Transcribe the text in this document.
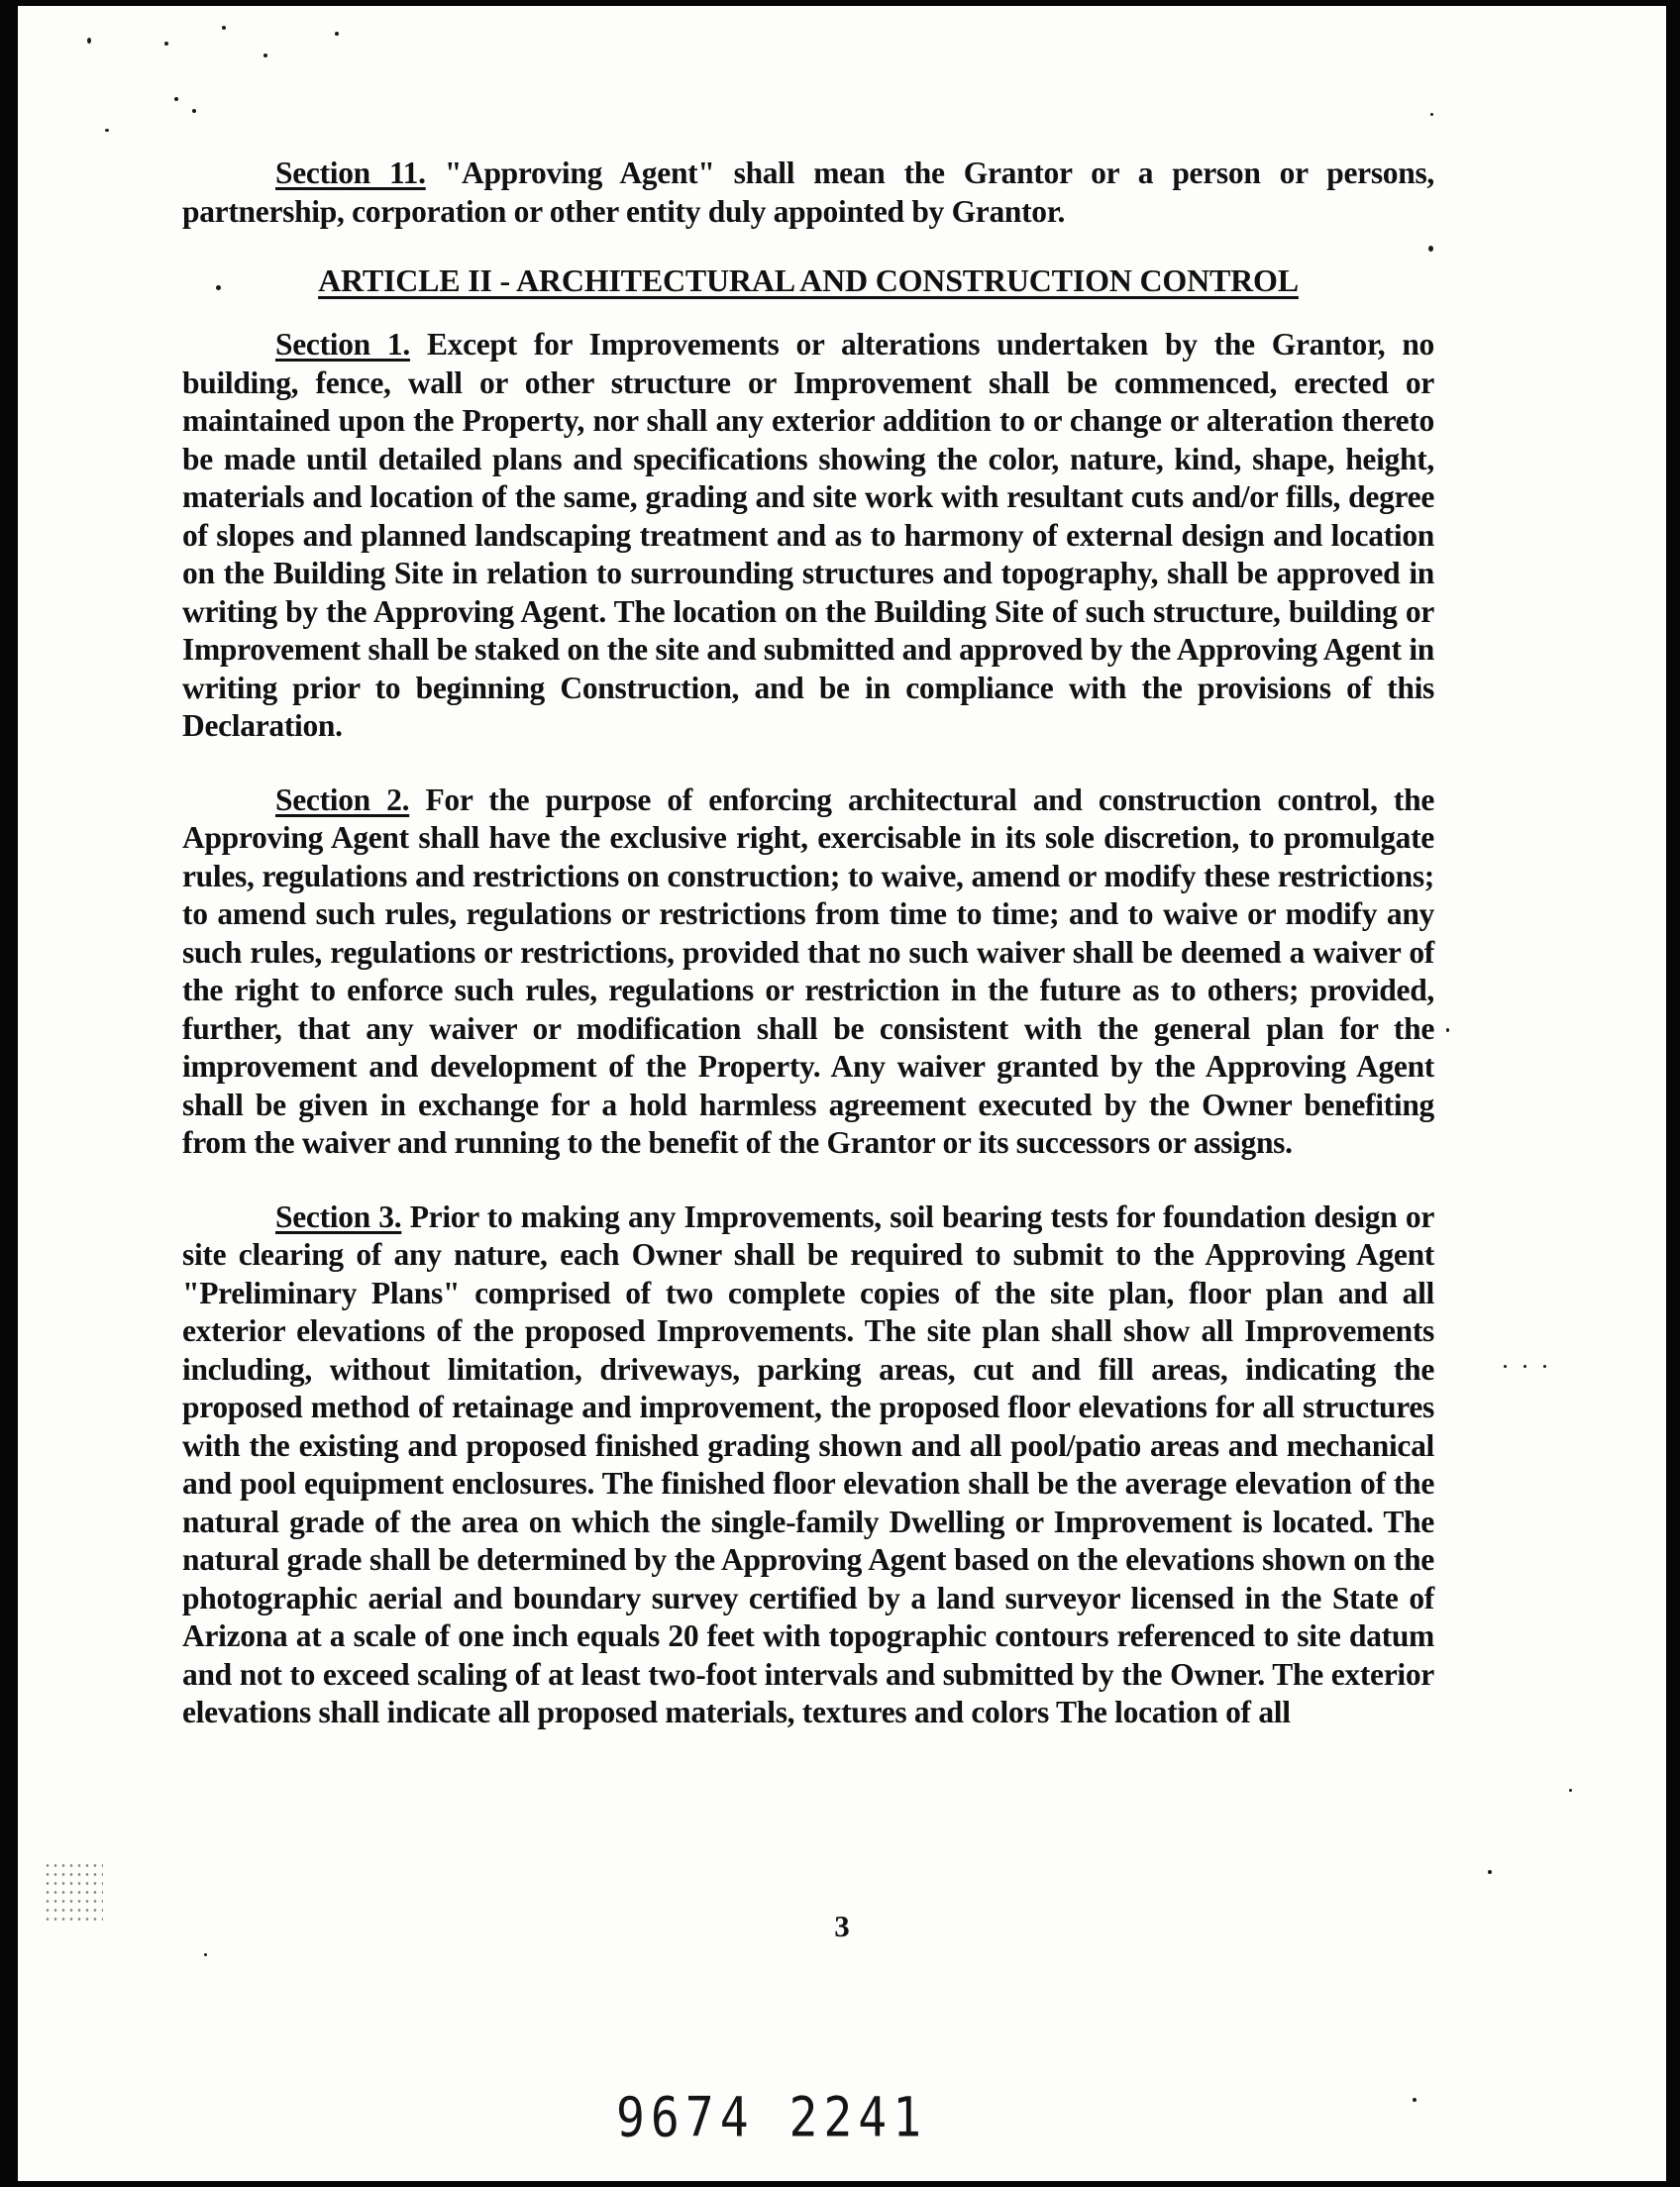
Section 11. "Approving Agent" shall mean the Grantor or a person or persons, partnership, corporation or other entity duly appointed by Grantor.

ARTICLE II - ARCHITECTURAL AND CONSTRUCTION CONTROL

Section 1. Except for Improvements or alterations undertaken by the Grantor, no building, fence, wall or other structure or Improvement shall be commenced, erected or maintained upon the Property, nor shall any exterior addition to or change or alteration thereto be made until detailed plans and specifications showing the color, nature, kind, shape, height, materials and location of the same, grading and site work with resultant cuts and/or fills, degree of slopes and planned landscaping treatment and as to harmony of external design and location on the Building Site in relation to surrounding structures and topography, shall be approved in writing by the Approving Agent. The location on the Building Site of such structure, building or Improvement shall be staked on the site and submitted and approved by the Approving Agent in writing prior to beginning Construction, and be in compliance with the provisions of this Declaration.

Section 2. For the purpose of enforcing architectural and construction control, the Approving Agent shall have the exclusive right, exercisable in its sole discretion, to promulgate rules, regulations and restrictions on construction; to waive, amend or modify these restrictions; to amend such rules, regulations or restrictions from time to time; and to waive or modify any such rules, regulations or restrictions, provided that no such waiver shall be deemed a waiver of the right to enforce such rules, regulations or restriction in the future as to others; provided, further, that any waiver or modification shall be consistent with the general plan for the improvement and development of the Property. Any waiver granted by the Approving Agent shall be given in exchange for a hold harmless agreement executed by the Owner benefiting from the waiver and running to the benefit of the Grantor or its successors or assigns.

Section 3. Prior to making any Improvements, soil bearing tests for foundation design or site clearing of any nature, each Owner shall be required to submit to the Approving Agent "Preliminary Plans" comprised of two complete copies of the site plan, floor plan and all exterior elevations of the proposed Improvements. The site plan shall show all Improvements including, without limitation, driveways, parking areas, cut and fill areas, indicating the proposed method of retainage and improvement, the proposed floor elevations for all structures with the existing and proposed finished grading shown and all pool/patio areas and mechanical and pool equipment enclosures. The finished floor elevation shall be the average elevation of the natural grade of the area on which the single-family Dwelling or Improvement is located. The natural grade shall be determined by the Approving Agent based on the elevations shown on the photographic aerial and boundary survey certified by a land surveyor licensed in the State of Arizona at a scale of one inch equals 20 feet with topographic contours referenced to site datum and not to exceed scaling of at least two-foot intervals and submitted by the Owner. The exterior elevations shall indicate all proposed materials, textures and colors The location of all

3
9674 2241
